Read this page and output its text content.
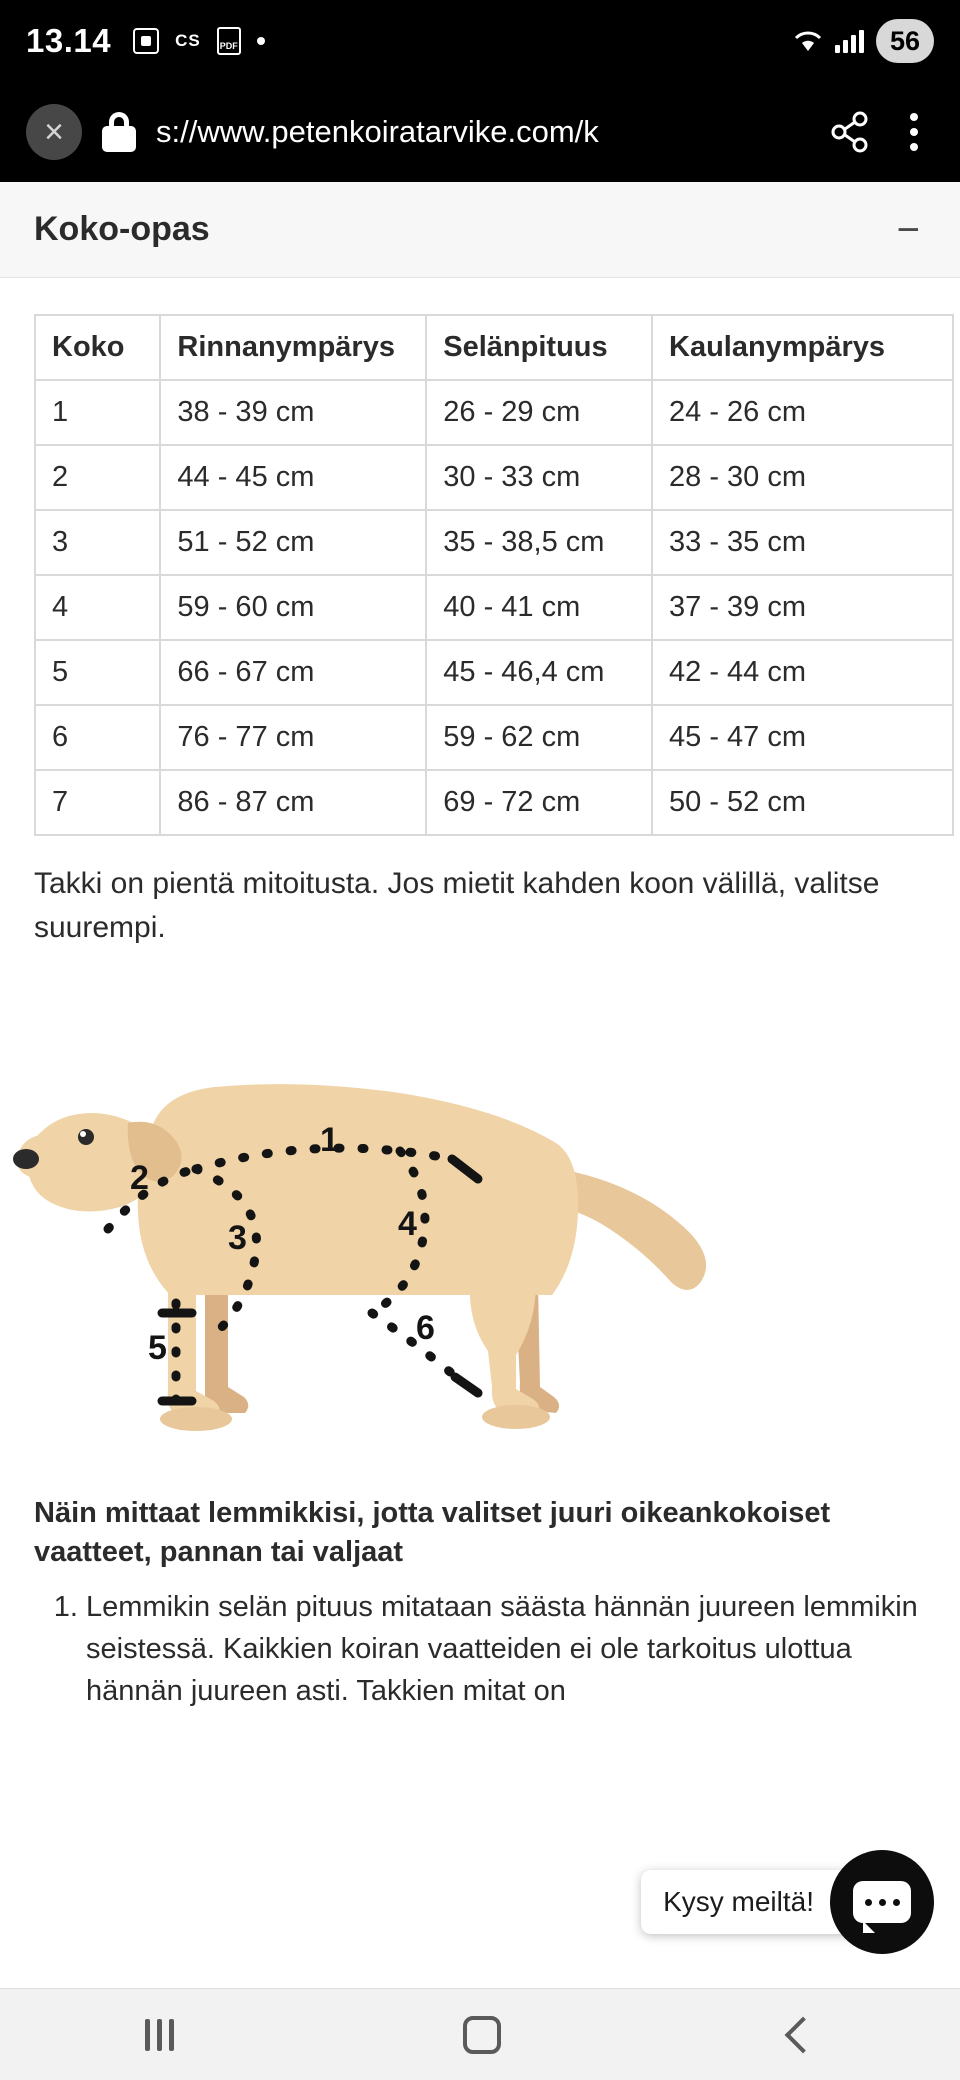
13.14	CS	PDF	56
×	s://www.petenkoiratarvike.com/k
Koko-opas	−
Koko	Rinnanympärys	Selänpituus	Kaulanympärys
1	38 - 39 cm	26 - 29 cm	24 - 26 cm
2	44 - 45 cm	30 - 33 cm	28 - 30 cm
3	51 - 52 cm	35 - 38,5 cm	33 - 35 cm
4	59 - 60 cm	40 - 41 cm	37 - 39 cm
5	66 - 67 cm	45 - 46,4 cm	42 - 44 cm
6	76 - 77 cm	59 - 62 cm	45 - 47 cm
7	86 - 87 cm	69 - 72 cm	50 - 52 cm
Takki on pientä mitoitusta. Jos mietit kahden koon välillä, valitse suurempi.
1
2
3	4
5
6
Näin mittaat lemmikkisi, jotta valitset juuri oikeankokoiset vaatteet, pannan tai valjaat
1. Lemmikin selän pituus mitataan säästa hännän juureen lemmikin seistessä. Kaikkien koiran vaatteiden ei ole tarkoitus ulottua hännän juureen asti. Takkien mitat on
Kysy meiltä!
